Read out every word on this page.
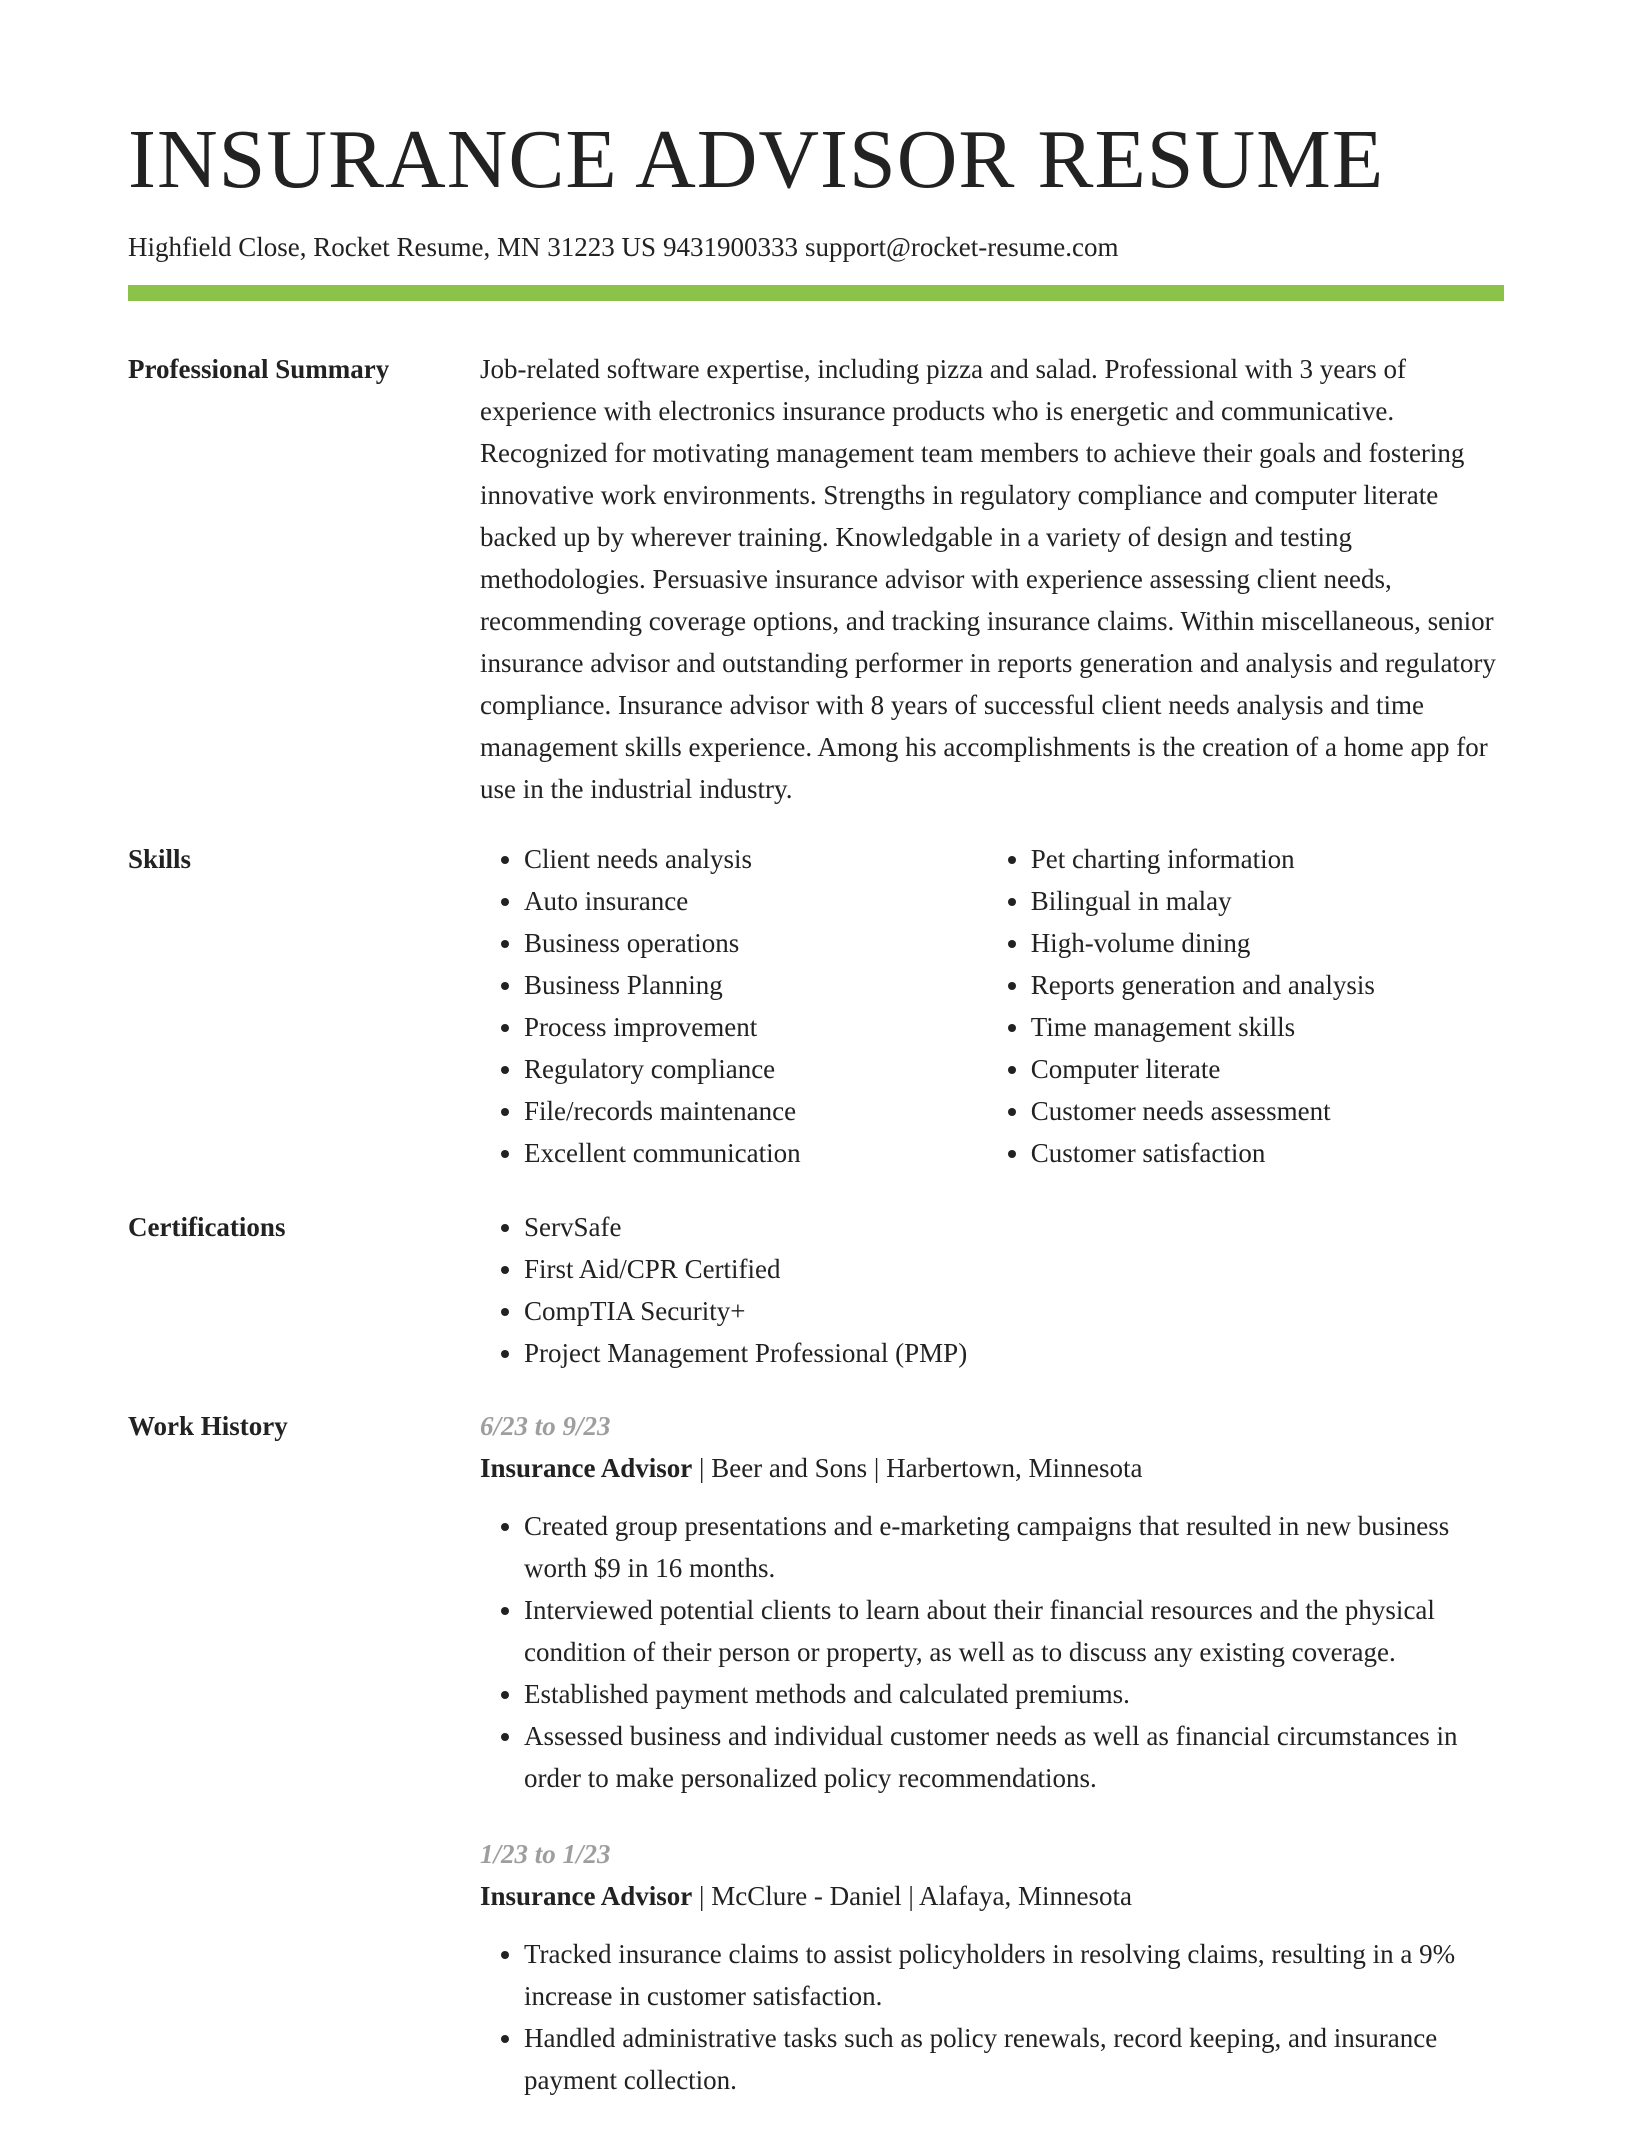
INSURANCE ADVISOR RESUME
Highfield Close, Rocket Resume, MN 31223 US 9431900333 support@rocket-resume.com
Professional Summary	Job-related software expertise, including pizza and salad. Professional with 3 years of experience with electronics insurance products who is energetic and communicative. Recognized for motivating management team members to achieve their goals and fostering innovative work environments. Strengths in regulatory compliance and computer literate backed up by wherever training. Knowledgable in a variety of design and testing methodologies. Persuasive insurance advisor with experience assessing client needs, recommending coverage options, and tracking insurance claims. Within miscellaneous, senior insurance advisor and outstanding performer in reports generation and analysis and regulatory compliance. Insurance advisor with 8 years of successful client needs analysis and time management skills experience. Among his accomplishments is the creation of a home app for use in the industrial industry.

Skills	• Client needs analysis
• Auto insurance
• Business operations
• Business Planning
• Process improvement
• Regulatory compliance
• File/records maintenance
• Excellent communication
• Pet charting information
• Bilingual in malay
• High-volume dining
• Reports generation and analysis
• Time management skills
• Computer literate
• Customer needs assessment
• Customer satisfaction
Certifications	• ServSafe
• First Aid/CPR Certified
• CompTIA Security+
• Project Management Professional (PMP)
Work History	6/23 to 9/23
Insurance Advisor | Beer and Sons | Harbertown, Minnesota
• Created group presentations and e-marketing campaigns that resulted in new business worth $9 in 16 months.
• Interviewed potential clients to learn about their financial resources and the physical condition of their person or property, as well as to discuss any existing coverage.
• Established payment methods and calculated premiums.
• Assessed business and individual customer needs as well as financial circumstances in order to make personalized policy recommendations.
1/23 to 1/23
Insurance Advisor | McClure - Daniel | Alafaya, Minnesota
• Tracked insurance claims to assist policyholders in resolving claims, resulting in a 9% increase in customer satisfaction.
• Handled administrative tasks such as policy renewals, record keeping, and insurance payment collection.
